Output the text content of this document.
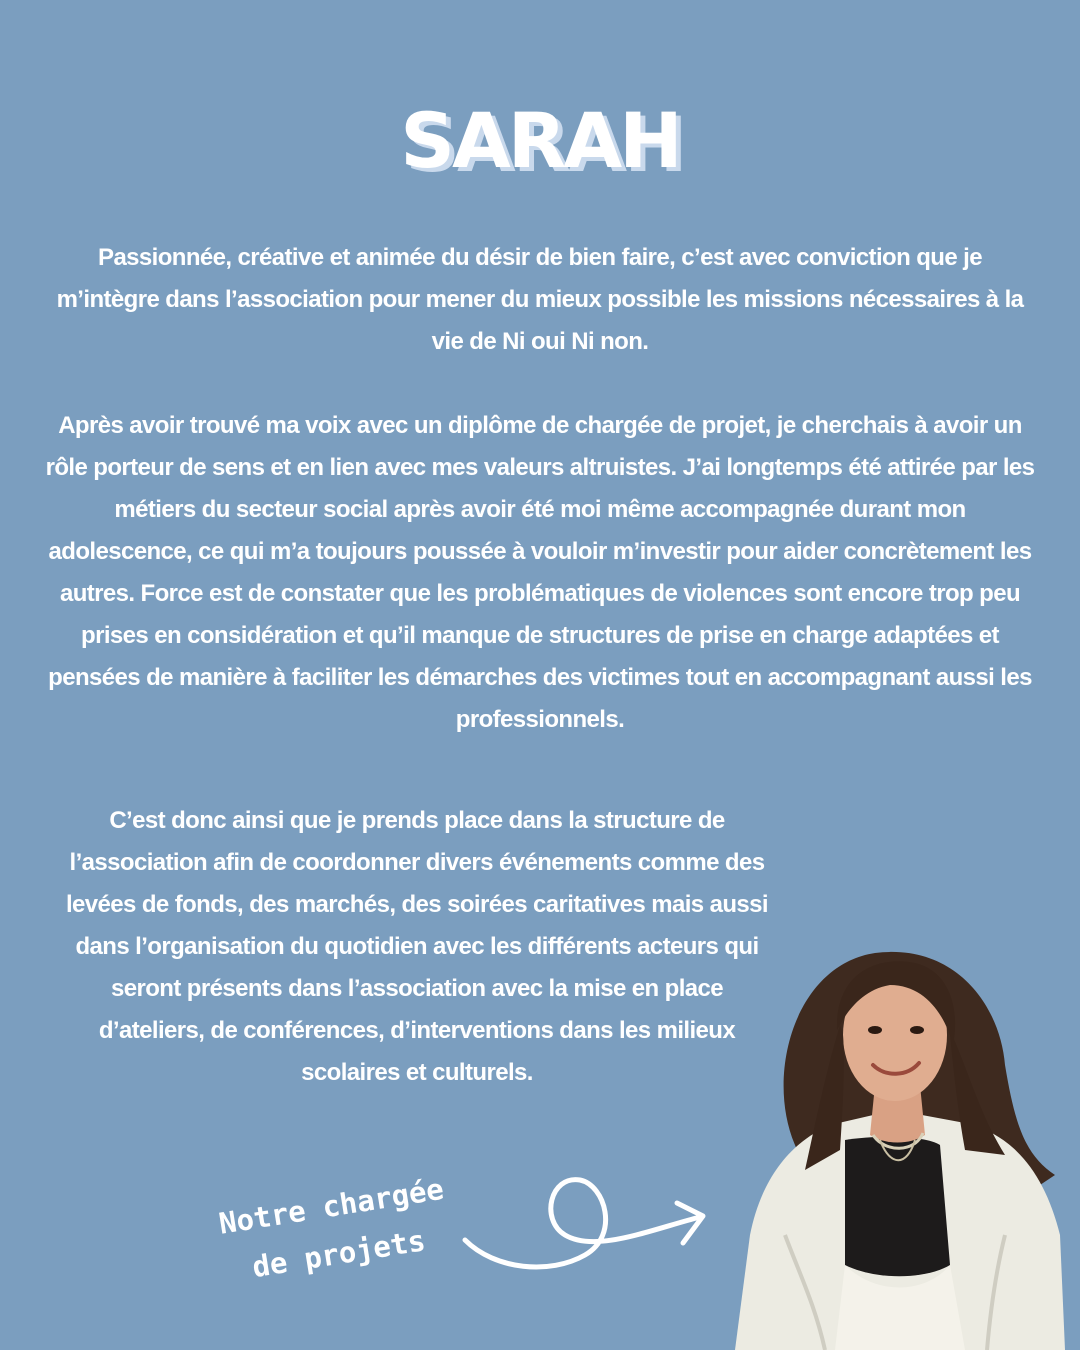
SARAH

Passionnée, créative et animée du désir de bien faire, c’est avec conviction que je m’intègre dans l’association pour mener du mieux possible les missions nécessaires à la vie de Ni oui Ni non.

Après avoir trouvé ma voix avec un diplôme de chargée de projet, je cherchais à avoir un rôle porteur de sens et en lien avec mes valeurs altruistes. J’ai longtemps été attirée par les métiers du secteur social après avoir été moi même accompagnée durant mon adolescence, ce qui m’a toujours poussée à vouloir m’investir pour aider concrètement les autres. Force est de constater que les problématiques de violences sont encore trop peu prises en considération et qu’il manque de structures de prise en charge adaptées et pensées de manière à faciliter les démarches des victimes tout en accompagnant aussi les professionnels.

C’est donc ainsi que je prends place dans la structure de l’association afin de coordonner divers événements comme des levées de fonds, des marchés, des soirées caritatives mais aussi dans l’organisation du quotidien avec les différents acteurs qui seront présents dans l’association avec la mise en place d’ateliers, de conférences, d’interventions dans les milieux scolaires et culturels.

Notre chargée
de projets
